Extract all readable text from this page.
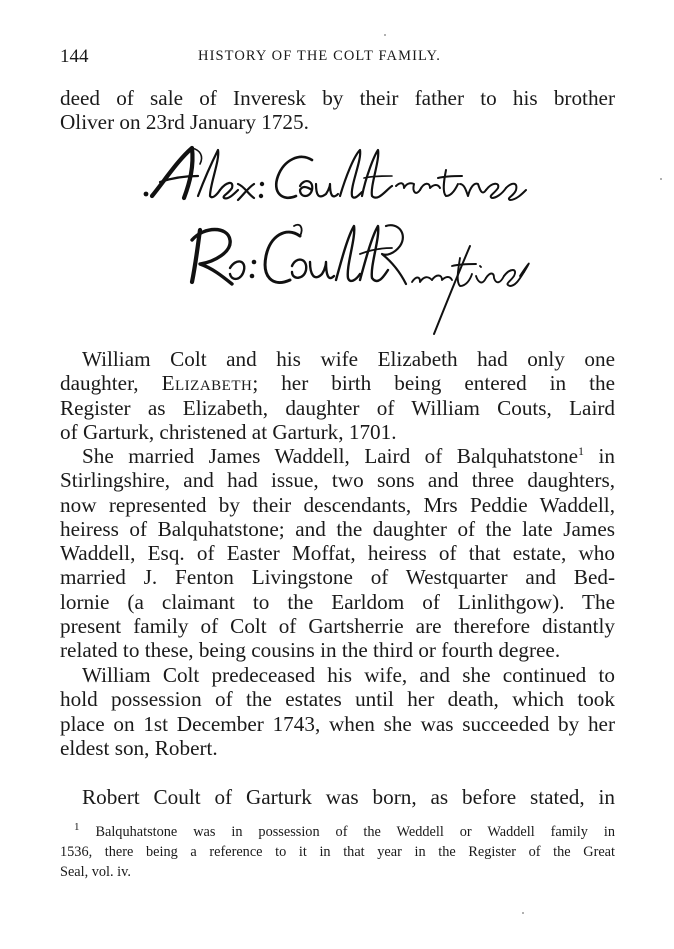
144	HISTORY OF THE COLT FAMILY.
deed of sale of Inveresk by their father to his brother
Oliver on 23rd January 1725.
William Colt and his wife Elizabeth had only one
daughter, Elizabeth; her birth being entered in the
Register as Elizabeth, daughter of William Couts, Laird
of Garturk, christened at Garturk, 1701.
She married James Waddell, Laird of Balquhatstone$^1$ in
Stirlingshire, and had issue, two sons and three daughters,
now represented by their descendants, Mrs Peddie Waddell,
heiress of Balquhatstone; and the daughter of the late James
Waddell, Esq. of Easter Moffat, heiress of that estate, who
married J. Fenton Livingstone of Westquarter and Bed-
lornie (a claimant to the Earldom of Linlithgow). The
present family of Colt of Gartsherrie are therefore distantly
related to these, being cousins in the third or fourth degree.
William Colt predeceased his wife, and she continued to
hold possession of the estates until her death, which took
place on 1st December 1743, when she was succeeded by her
eldest son, Robert.
Robert Coult of Garturk was born, as before stated, in
$^1$ Balquhatstone was in possession of the Weddell or Waddell family in
1536, there being a reference to it in that year in the Register of the Great
Seal, vol. iv.
